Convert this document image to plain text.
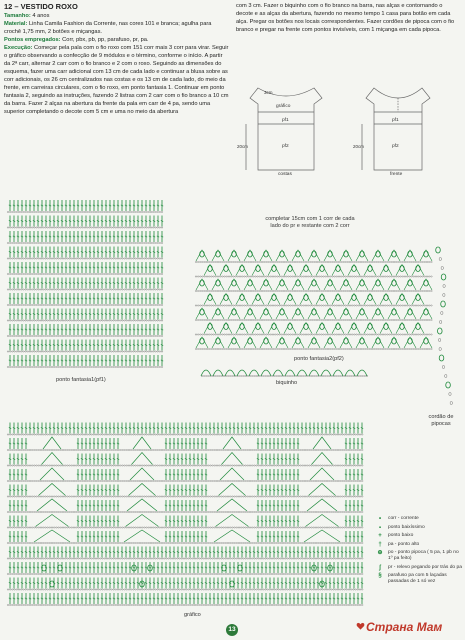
12 – VESTIDO ROXO

Tamanho: 4 anos

Material: Linha Camila Fashion da Corrente, nas cores 101 e branca; agulha para crochê 1,75 mm, 2 botões e miçangas.

Pontos empregados: Corr, pbx, pb, pp, parafuso, pr, pa.

Execução: Começar pela pala com o fio roxo com 151 corr mais 3 corr para virar. Seguir o gráfico observando a confecção de 9 módulos e o término, conforme o início. A partir da 2ª carr, alternar 2 carr com o fio branco e 2 com o roxo. Seguindo as dimensões do esquema, fazer uma carr adicional com 13 cm de cada lado e continuar a blusa sobre as corr adicionais, os 26 cm centralizados nas costas e os 13 cm de cada lado, do meio da frente, em carreiras circulares, com o fio roxo, em ponto fantasia 1. Continuar em ponto fantasia 2, seguindo as instruções, fazendo 2 listras com 2 carr com o fio branco a 10 cm da barra. Fazer 2 alças na abertura da frente da pala em carr de 4 pa, sendo uma superior completando o decote com 5 cm e uma no meio da abertura

com 3 cm. Fazer o biquinho com o fio branco na barra, nas alças e contornando o decote e as alças da abertura, fazendo no mesmo tempo 1 casa para botão em cada alça. Pregar os botões nos locais correspondentes. Fazer cordões de pipoca com o fio branco e pregar na frente com pontos invisíveis, com 1 miçanga em cada pipoca.
gráfico
pf1
pf2
costas
pf1
pf2
frente
20cm	20cm
3cm
ponto fantasia1(pf1)
completar 15cm com 1 corr de cada
lado do pr e restante com 2 corr
ponto fantasia2(pf2)
biquinho
cordão de
pipocas
gráfico
•	corr - corrente
▪	ponto baixíssimo
+	ponto baixo
†	pa - ponto alto
⊕	po - ponto pipoca ( 5 pa, 1 pb no 1º pa feito)
ʃ	pr - relevo pegando por trás do pa
§	parafuso pa com 5 laçadas passadas de 1 só vez
13	Страна Мам
